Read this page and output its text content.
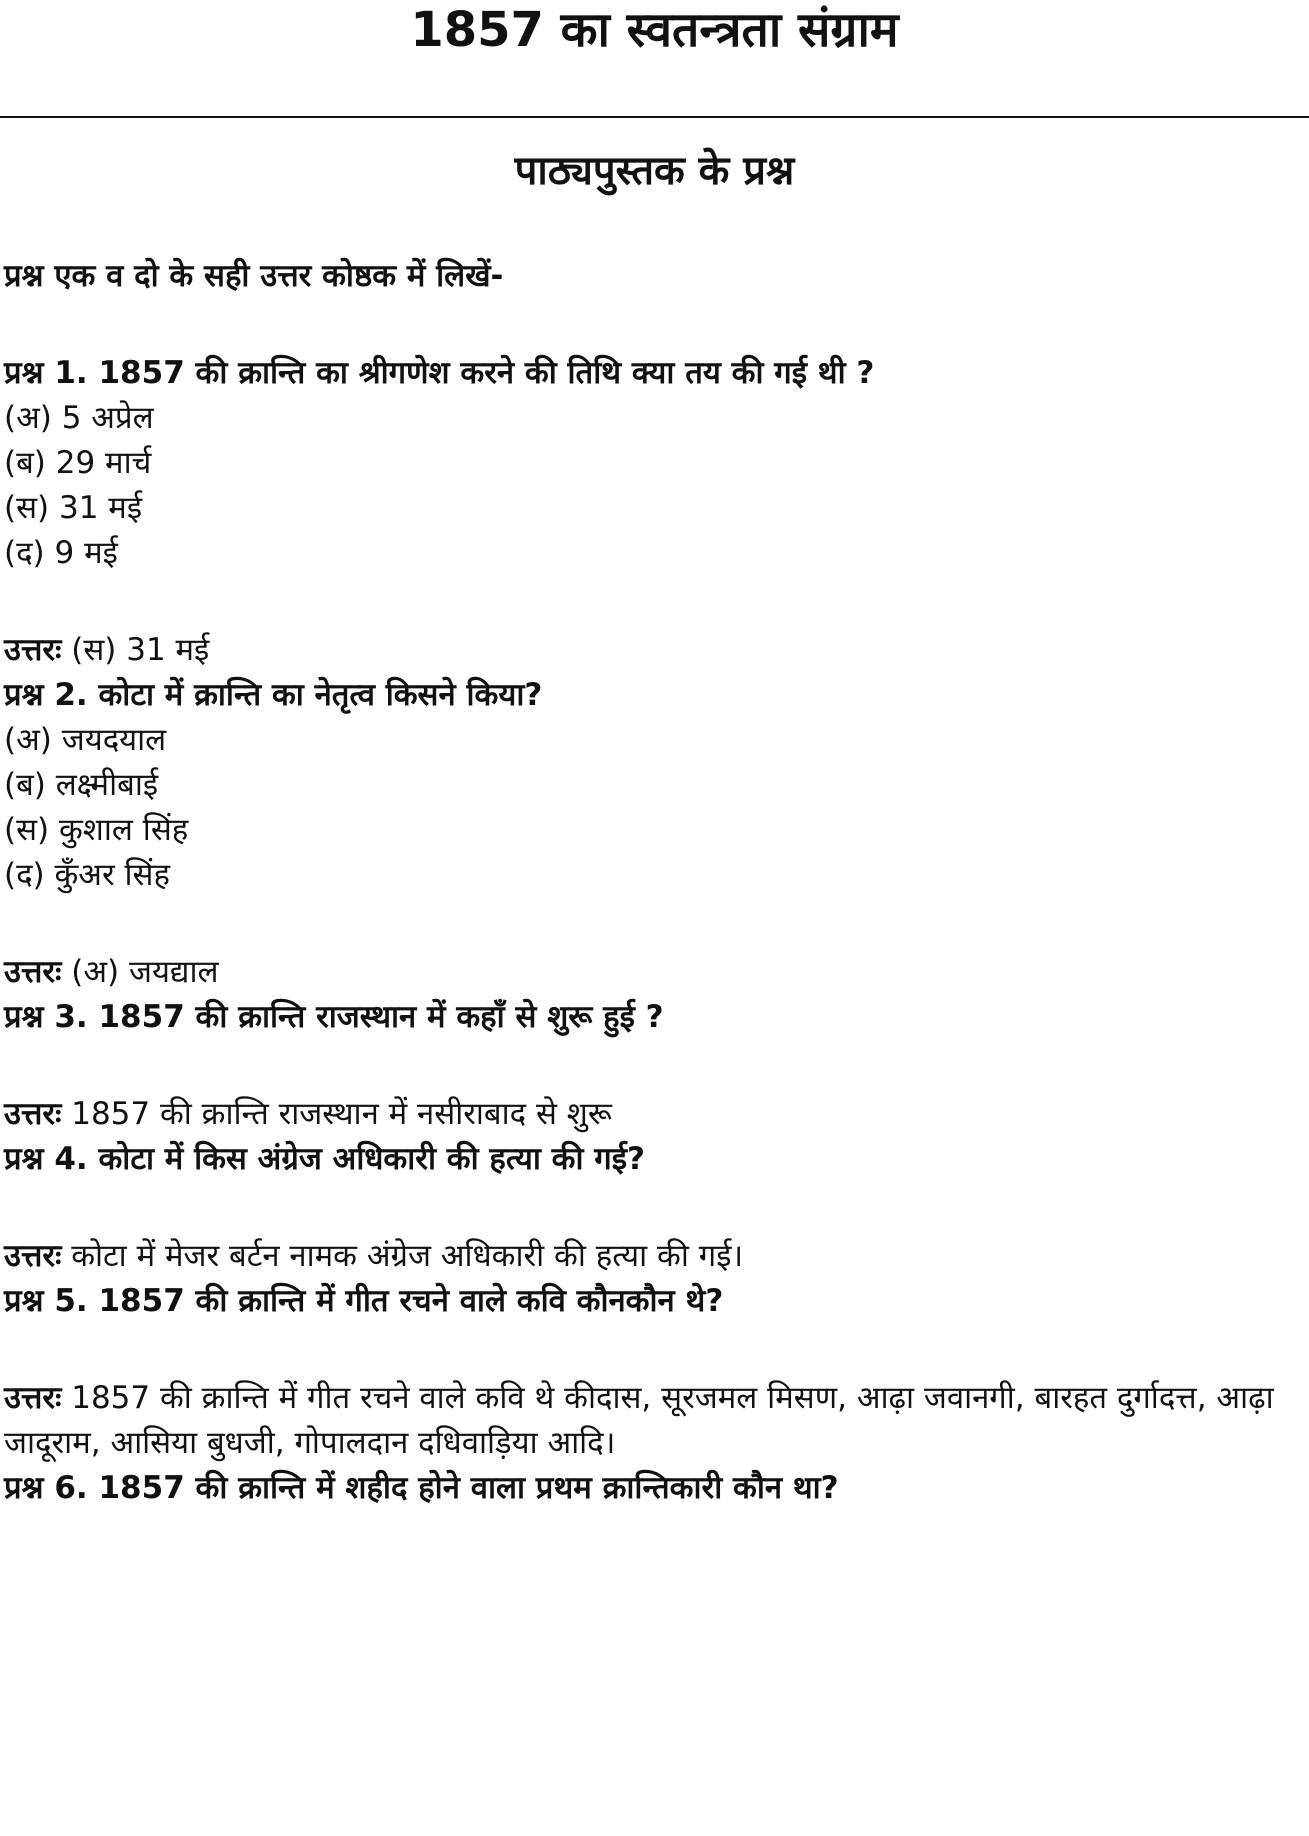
1857 का स्वतन्त्रता संग्राम
पाठ्यपुस्तक के प्रश्न
प्रश्न एक व दो के सही उत्तर कोष्ठक में लिखें-
प्रश्न 1. 1857 की क्रान्ति का श्रीगणेश करने की तिथि क्या तय की गई थी ?
(अ) 5 अप्रेल
(ब) 29 मार्च
(स) 31 मई
(द) 9 मई
उत्तरः (स) 31 मई
प्रश्न 2. कोटा में क्रान्ति का नेतृत्व किसने किया?
(अ) जयदयाल
(ब) लक्ष्मीबाई
(स) कुशाल सिंह
(द) कुँअर सिंह
उत्तरः (अ) जयद्याल
प्रश्न 3. 1857 की क्रान्ति राजस्थान में कहाँ से शुरू हुई ?
उत्तरः 1857 की क्रान्ति राजस्थान में नसीराबाद से शुरू
प्रश्न 4. कोटा में किस अंग्रेज अधिकारी की हत्या की गई?
उत्तरः कोटा में मेजर बर्टन नामक अंग्रेज अधिकारी की हत्या की गई।
प्रश्न 5. 1857 की क्रान्ति में गीत रचने वाले कवि कौनकौन थे?
उत्तरः 1857 की क्रान्ति में गीत रचने वाले कवि थे कीदास, सूरजमल मिसण, आढ़ा जवानगी, बारहत दुर्गादत्त, आढ़ा जादूराम, आसिया बुधजी, गोपालदान दधिवाड़िया आदि।
प्रश्न 6. 1857 की क्रान्ति में शहीद होने वाला प्रथम क्रान्तिकारी कौन था?
